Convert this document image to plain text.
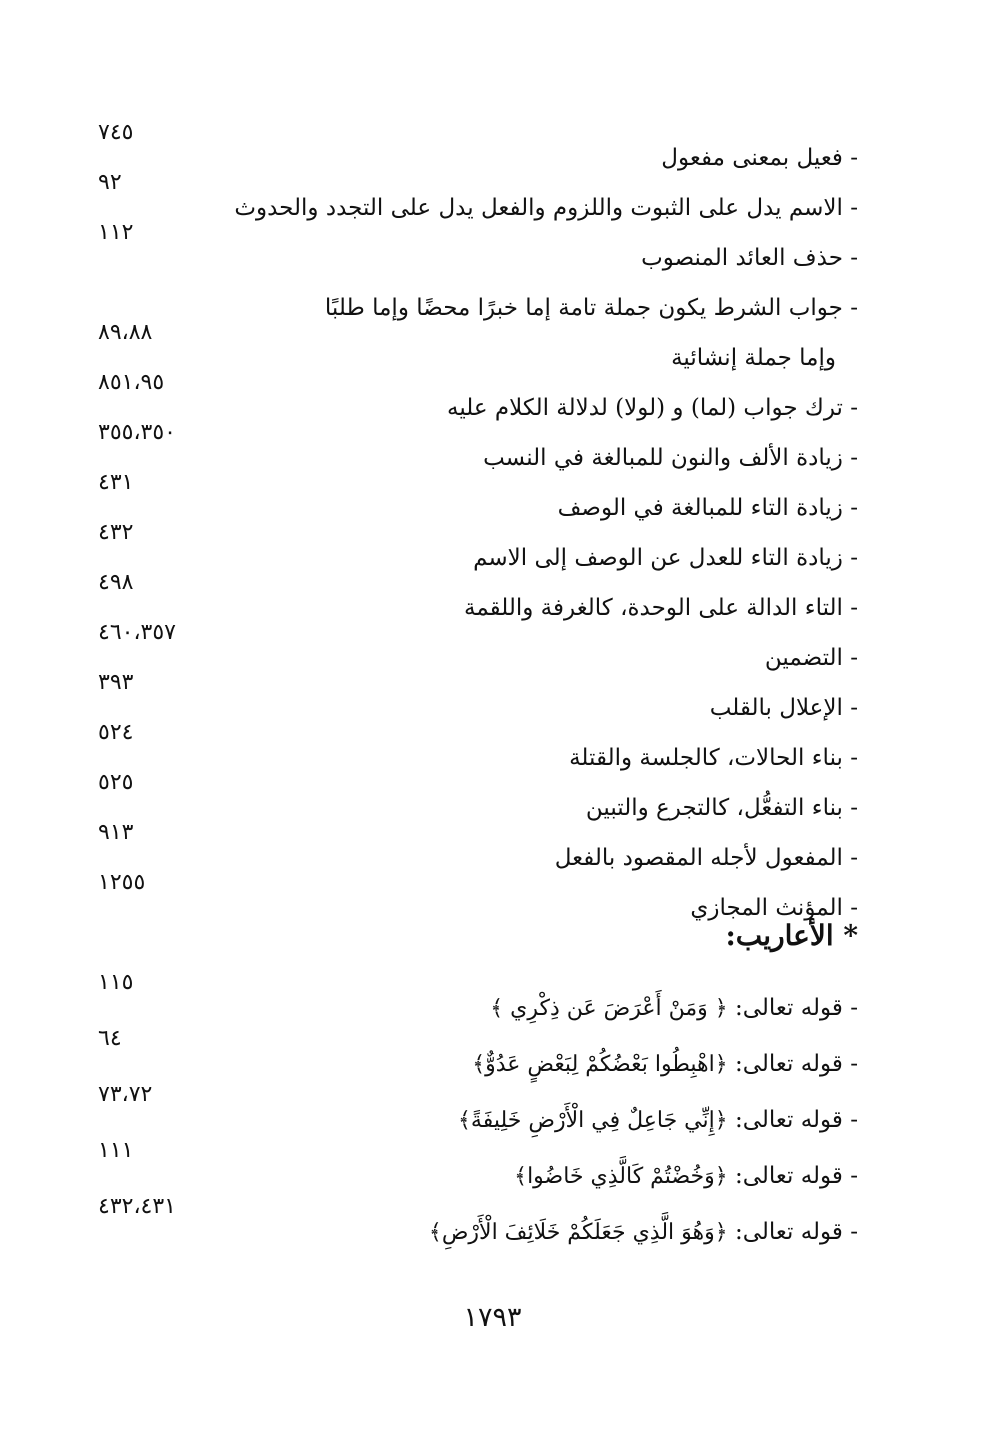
- فعيل بمعنى مفعول
٧٤٥
- الاسم يدل على الثبوت واللزوم والفعل يدل على التجدد والحدوث
٩٢
- حذف العائد المنصوب
١١٢
- جواب الشرط يكون جملة تامة إما خبرًا محضًا وإما طلبًا
وإما جملة إنشائية
٨٩،٨٨
- ترك جواب (لما) و (لولا) لدلالة الكلام عليه
٨٥١،٩٥
- زيادة الألف والنون للمبالغة في النسب
٣٥٥،٣٥٠
- زيادة التاء للمبالغة في الوصف
٤٣١
- زيادة التاء للعدل عن الوصف إلى الاسم
٤٣٢
- التاء الدالة على الوحدة، كالغرفة واللقمة
٤٩٨
- التضمين
٤٦٠،٣٥٧
- الإعلال بالقلب
٣٩٣
- بناء الحالات، كالجلسة والقتلة
٥٢٤
- بناء التفعُّل، كالتجرع والتبين
٥٢٥
- المفعول لأجله المقصود بالفعل
٩١٣
- المؤنث المجازي
١٢٥٥
* الأعاريب:
- قوله تعالى: ﴿ وَمَنْ أَعْرَضَ عَن ذِكْرِي ﴾
١١٥
- قوله تعالى: ﴿اهْبِطُوا بَعْضُكُمْ لِبَعْضٍ عَدُوٌّ﴾
٦٤
- قوله تعالى: ﴿إِنِّي جَاعِلٌ فِي الْأَرْضِ خَلِيفَةً﴾
٧٣،٧٢
- قوله تعالى: ﴿وَخُضْتُمْ كَالَّذِي خَاضُوا﴾
١١١
- قوله تعالى: ﴿وَهُوَ الَّذِي جَعَلَكُمْ خَلَائِفَ الْأَرْضِ﴾
٤٣٢،٤٣١
١٧٩٣
